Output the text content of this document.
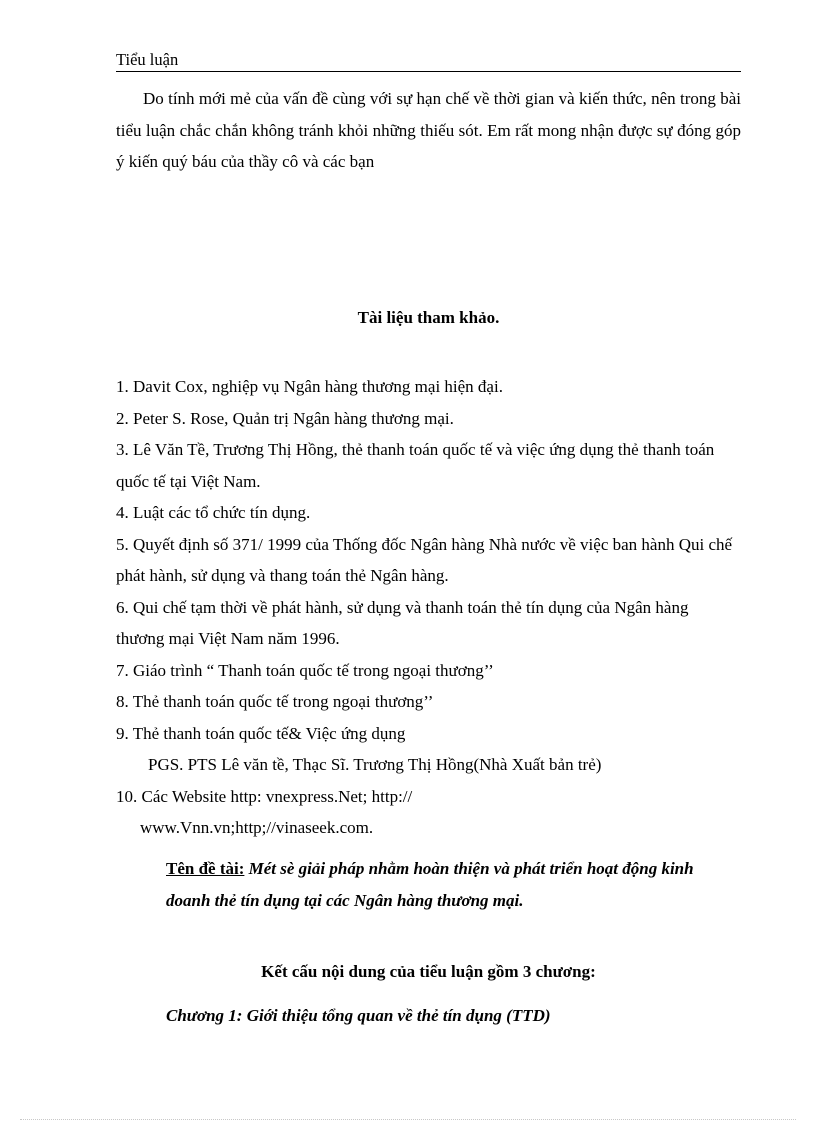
Tiểu luận

Do tính mới mẻ của vấn đề cùng với sự hạn chế về thời gian và kiến thức, nên trong bài tiểu luận chắc chắn không tránh khỏi những thiếu sót. Em rất mong nhận được sự đóng góp ý kiến quý báu của thầy cô và các bạn

Tài liệu tham khảo.

1. Davit Cox, nghiệp vụ Ngân hàng thương mại hiện đại.

2. Peter S. Rose, Quản trị Ngân hàng thương mại.

3. Lê Văn Tề, Trương Thị Hồng, thẻ thanh toán quốc tế và việc ứng dụng thẻ thanh toán quốc tế tại Việt Nam.

4. Luật các tổ chức tín dụng.

5. Quyết định số 371/ 1999 của Thống đốc Ngân hàng Nhà nước về việc ban hành Qui chế phát hành, sử dụng và thang toán thẻ Ngân hàng.

6. Qui chế tạm thời về phát hành, sử dụng và thanh toán thẻ tín dụng của Ngân hàng thương mại Việt Nam năm 1996.

7. Giáo trình “ Thanh toán quốc tế trong ngoại thương’’

8. Thẻ thanh toán quốc tế trong ngoại thương’’

9. Thẻ thanh toán quốc tế& Việc ứng dụng

PGS. PTS Lê văn tề, Thạc Sĩ. Trương Thị Hồng(Nhà Xuất bản trẻ)

10. Các Website http: vnexpress.Net; http://

www.Vnn.vn;http;//vinaseek.com.

Tên đề tài: Mét sè giải pháp nhằm hoàn thiện và phát triển hoạt động kinh doanh thẻ tín dụng tại các Ngân hàng thương mại.
Kết cấu nội dung của tiểu luận gồm 3 chương:
Chương 1: Giới thiệu tổng quan về thẻ tín dụng (TTD)
